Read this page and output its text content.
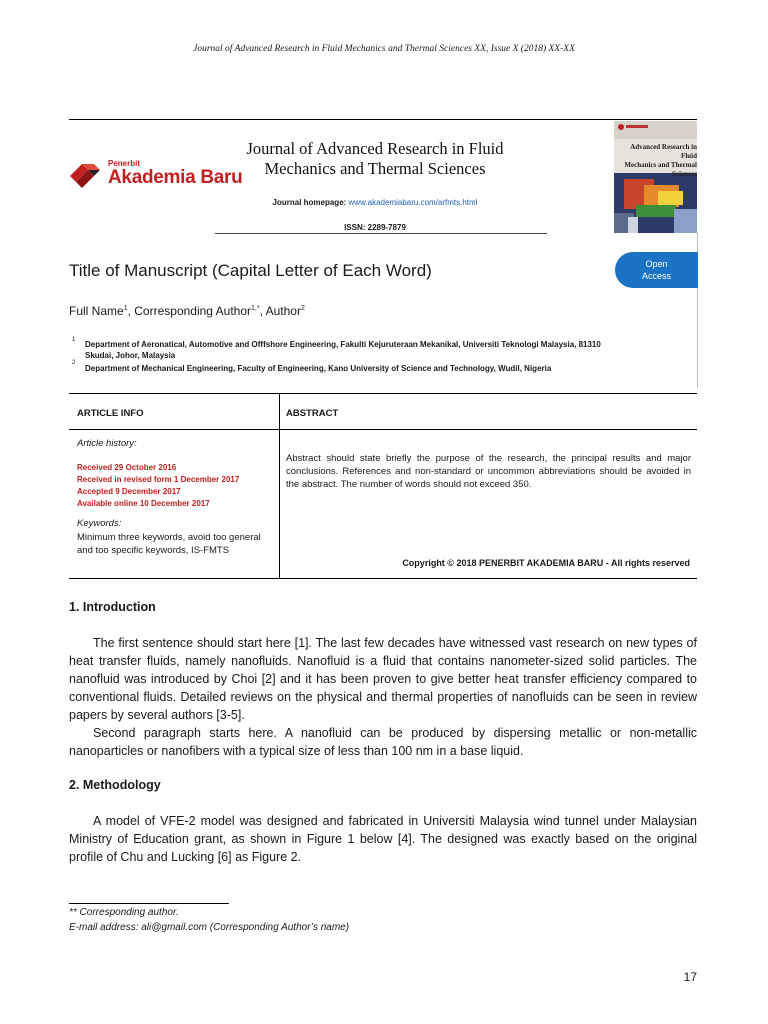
Journal of Advanced Research in Fluid Mechanics and Thermal Sciences XX, Issue X (2018) XX-XX
Penerbit
Akademia Baru
Journal of Advanced Research in Fluid
Mechanics and Thermal Sciences
Journal homepage: www.akademiabaru.com/arfmts.html
ISSN: 2289-7879
Advanced Research in Fluid
Mechanics and Thermal
Sciences
Title of Manuscript (Capital Letter of Each Word)	Open
Access
Full Name$^1$, Corresponding Author$^{1,*}$, Author$^2$
1 Department of Aeronatical, Automotive and Offfshore Engineering, Fakulti Kejuruteraan Mekanikal, Universiti Teknologi Malaysia, 81310
Skudai, Johor, Malaysia
2
Department of Mechanical Engineering, Faculty of Engineering, Kano University of Science and Technology, Wudil, Nigeria
ARTICLE INFO	ABSTRACT
Article history:
Received 29 October 2016
Received in revised form 1 December 2017
Accepted 9 December 2017
Available online 10 December 2017
Keywords:
Minimum three keywords, avoid too general and too specific keywords, IS-FMTS
Abstract should state briefly the purpose of the research, the principal results and major conclusions. References and non-standard or uncommon abbreviations should be avoided in the abstract. The number of words should not exceed 350.
Copyright © 2018 PENERBIT AKADEMIA BARU - All rights reserved
1. Introduction
The first sentence should start here [1]. The last few decades have witnessed vast research on new types of heat transfer fluids, namely nanofluids. Nanofluid is a fluid that contains nanometer-sized solid particles. The nanofluid was introduced by Choi [2] and it has been proven to give better heat transfer efficiency compared to conventional fluids. Detailed reviews on the physical and thermal properties of nanofluids can be seen in review papers by several authors [3-5].
Second paragraph starts here. A nanofluid can be produced by dispersing metallic or non-metallic nanoparticles or nanofibers with a typical size of less than 100 nm in a base liquid.
2. Methodology
A model of VFE-2 model was designed and fabricated in Universiti Malaysia wind tunnel under Malaysian Ministry of Education grant, as shown in Figure 1 below [4]. The designed was exactly based on the original profile of Chu and Lucking [6] as Figure 2.
** Corresponding author.
E-mail address: ali@gmail.com (Corresponding Author’s name)
17
